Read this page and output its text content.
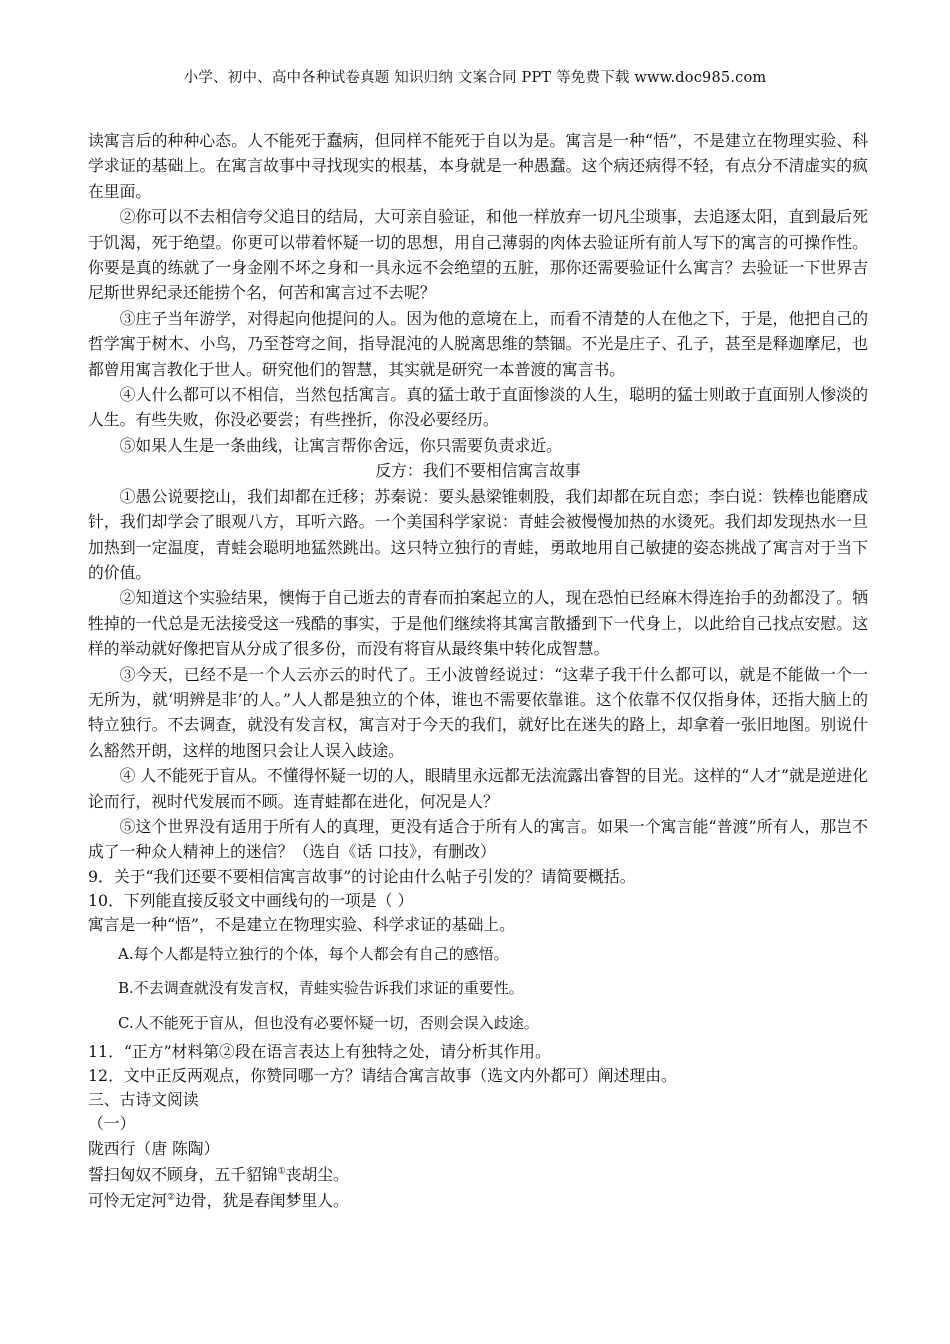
小学、初中、高中各种试卷真题 知识归纳 文案合同 PPT 等免费下载 www.doc985.com

读寓言后的种种心态。人不能死于蠢病，但同样不能死于自以为是。寓言是一种“悟”，不是建立在物理实验、科学求证的基础上。在寓言故事中寻找现实的根基，本身就是一种愚蠢。这个病还病得不轻，有点分不清虚实的疯在里面。

②你可以不去相信夸父追日的结局，大可亲自验证，和他一样放弃一切凡尘琐事，去追逐太阳，直到最后死于饥渴，死于绝望。你更可以带着怀疑一切的思想，用自己薄弱的肉体去验证所有前人写下的寓言的可操作性。你要是真的练就了一身金刚不坏之身和一具永远不会绝望的五脏，那你还需要验证什么寓言？去验证一下世界吉尼斯世界纪录还能捞个名，何苦和寓言过不去呢？

③庄子当年游学，对得起向他提问的人。因为他的意境在上，而看不清楚的人在他之下，于是，他把自己的哲学寓于树木、小鸟，乃至苍穹之间，指导混沌的人脱离思维的禁锢。不光是庄子、孔子，甚至是释迦摩尼，也都曾用寓言教化于世人。研究他们的智慧，其实就是研究一本普渡的寓言书。

④人什么都可以不相信，当然包括寓言。真的猛士敢于直面惨淡的人生，聪明的猛士则敢于直面别人惨淡的人生。有些失败，你没必要尝；有些挫折，你没必要经历。

⑤如果人生是一条曲线，让寓言帮你舍远，你只需要负责求近。

反方：我们不要相信寓言故事

①愚公说要挖山，我们却都在迁移；苏秦说：要头悬梁锥刺股，我们却都在玩自恋；李白说：铁棒也能磨成针，我们却学会了眼观八方，耳听六路。一个美国科学家说：青蛙会被慢慢加热的水烫死。我们却发现热水一旦加热到一定温度，青蛙会聪明地猛然跳出。这只特立独行的青蛙，勇敢地用自己敏捷的姿态挑战了寓言对于当下的价值。

②知道这个实验结果，懊悔于自己逝去的青春而拍案起立的人，现在恐怕已经麻木得连抬手的劲都没了。牺牲掉的一代总是无法接受这一残酷的事实，于是他们继续将其寓言散播到下一代身上，以此给自己找点安慰。这样的举动就好像把盲从分成了很多份，而没有将盲从最终集中转化成智慧。

③今天，已经不是一个人云亦云的时代了。王小波曾经说过：“这辈子我干什么都可以，就是不能做一个一无所为，就‘明辨是非’的人。”人人都是独立的个体，谁也不需要依靠谁。这个依靠不仅仅指身体，还指大脑上的特立独行。不去调查，就没有发言权，寓言对于今天的我们，就好比在迷失的路上，却拿着一张旧地图。别说什么豁然开朗，这样的地图只会让人误入歧途。

④ 人不能死于盲从。不懂得怀疑一切的人，眼睛里永远都无法流露出睿智的目光。这样的“人才”就是逆进化论而行，视时代发展而不顾。连青蛙都在进化，何况是人？

⑤这个世界没有适用于所有人的真理，更没有适合于所有人的寓言。如果一个寓言能“普渡”所有人，那岂不成了一种众人精神上的迷信？（选自《话 口技》，有删改）

9．关于“我们还要不要相信寓言故事”的讨论由什么帖子引发的？请简要概括。

10．下列能直接反驳文中画线句的一项是（ ）

寓言是一种“悟”，不是建立在物理实验、科学求证的基础上。

A.每个人都是特立独行的个体，每个人都会有自己的感悟。

B.不去调查就没有发言权，青蛙实验告诉我们求证的重要性。

C.人不能死于盲从，但也没有必要怀疑一切，否则会误入歧途。

11．“正方”材料第②段在语言表达上有独特之处，请分析其作用。

12．文中正反两观点，你赞同哪一方？请结合寓言故事（选文内外都可）阐述理由。

三、古诗文阅读

（一）

陇西行（唐 陈陶）

誓扫匈奴不顾身，五千貂锦①丧胡尘。

可怜无定河②边骨，犹是春闺梦里人。
